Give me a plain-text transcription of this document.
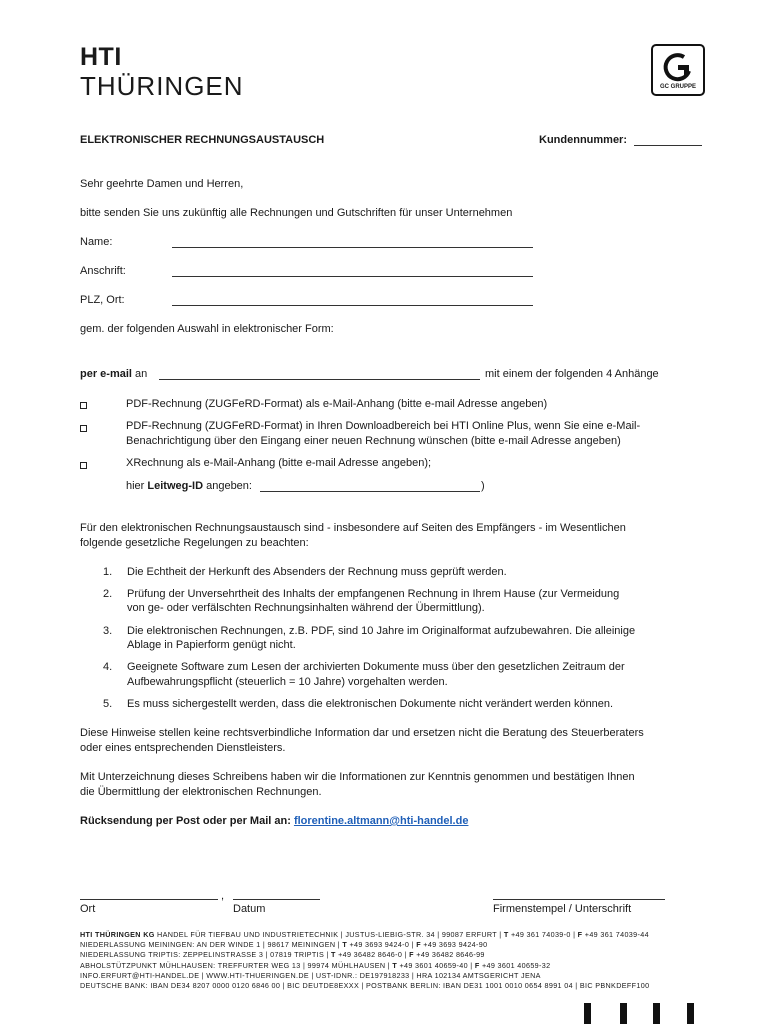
HTI
THÜRINGEN	GC GRUPPE
ELEKTRONISCHER RECHNUNGSAUSTAUSCH	Kundennummer:
Sehr geehrte Damen und Herren,
bitte senden Sie uns zukünftig alle Rechnungen und Gutschriften für unser Unternehmen
Name:
Anschrift:
PLZ, Ort:
gem. der folgenden Auswahl in elektronischer Form:
per e-mail an	mit einem der folgenden 4 Anhänge
PDF-Rechnung (ZUGFeRD-Format) als e-Mail-Anhang (bitte e-mail Adresse angeben)
PDF-Rechnung (ZUGFeRD-Format) in Ihren Downloadbereich bei HTI Online Plus, wenn Sie eine e-Mail-
Benachrichtigung über den Eingang einer neuen Rechnung wünschen (bitte e-mail Adresse angeben)
XRechnung als e-Mail-Anhang (bitte e-mail Adresse angeben);
hier Leitweg-ID angeben:	)
Für den elektronischen Rechnungsaustausch sind - insbesondere auf Seiten des Empfängers - im Wesentlichen
folgende gesetzliche Regelungen zu beachten:
1. Die Echtheit der Herkunft des Absenders der Rechnung muss geprüft werden.
2. Prüfung der Unversehrtheit des Inhalts der empfangenen Rechnung in Ihrem Hause (zur Vermeidung
von ge- oder verfälschten Rechnungsinhalten während der Übermittlung).
3. Die elektronischen Rechnungen, z.B. PDF, sind 10 Jahre im Originalformat aufzubewahren. Die alleinige
Ablage in Papierform genügt nicht.
4. Geeignete Software zum Lesen der archivierten Dokumente muss über den gesetzlichen Zeitraum der
Aufbewahrungspflicht (steuerlich = 10 Jahre) vorgehalten werden.
5. Es muss sichergestellt werden, dass die elektronischen Dokumente nicht verändert werden können.
Diese Hinweise stellen keine rechtsverbindliche Information dar und ersetzen nicht die Beratung des Steuerberaters
oder eines entsprechenden Dienstleisters.
Mit Unterzeichnung dieses Schreibens haben wir die Informationen zur Kenntnis genommen und bestätigen Ihnen
die Übermittlung der elektronischen Rechnungen.
Rücksendung per Post oder per Mail an: florentine.altmann@hti-handel.de
,
Ort	Datum	Firmenstempel / Unterschrift
HTI THÜRINGEN KG HANDEL FÜR TIEFBAU UND INDUSTRIETECHNIK | JUSTUS-LIEBIG-STR. 34 | 99087 ERFURT | T +49 361 74039-0 | F +49 361 74039-44
NIEDERLASSUNG MEININGEN: AN DER WINDE 1 | 98617 MEININGEN | T +49 3693 9424-0 | F +49 3693 9424-90
NIEDERLASSUNG TRIPTIS: ZEPPELINSTRASSE 3 | 07819 TRIPTIS | T +49 36482 8646-0 | F +49 36482 8646-99
ABHOLSTÜTZPUNKT MÜHLHAUSEN: TREFFURTER WEG 13 | 99974 MÜHLHAUSEN | T +49 3601 40659-40 | F +49 3601 40659-32
INFO.ERFURT@HTI-HANDEL.DE | WWW.HTI-THUERINGEN.DE | UST-IDNR.: DE197918233 | HRA 102134 AMTSGERICHT JENA
DEUTSCHE BANK: IBAN DE34 8207 0000 0120 6846 00 | BIC DEUTDE8EXXX | POSTBANK BERLIN: IBAN DE31 1001 0010 0654 8991 04 | BIC PBNKDEFF100
